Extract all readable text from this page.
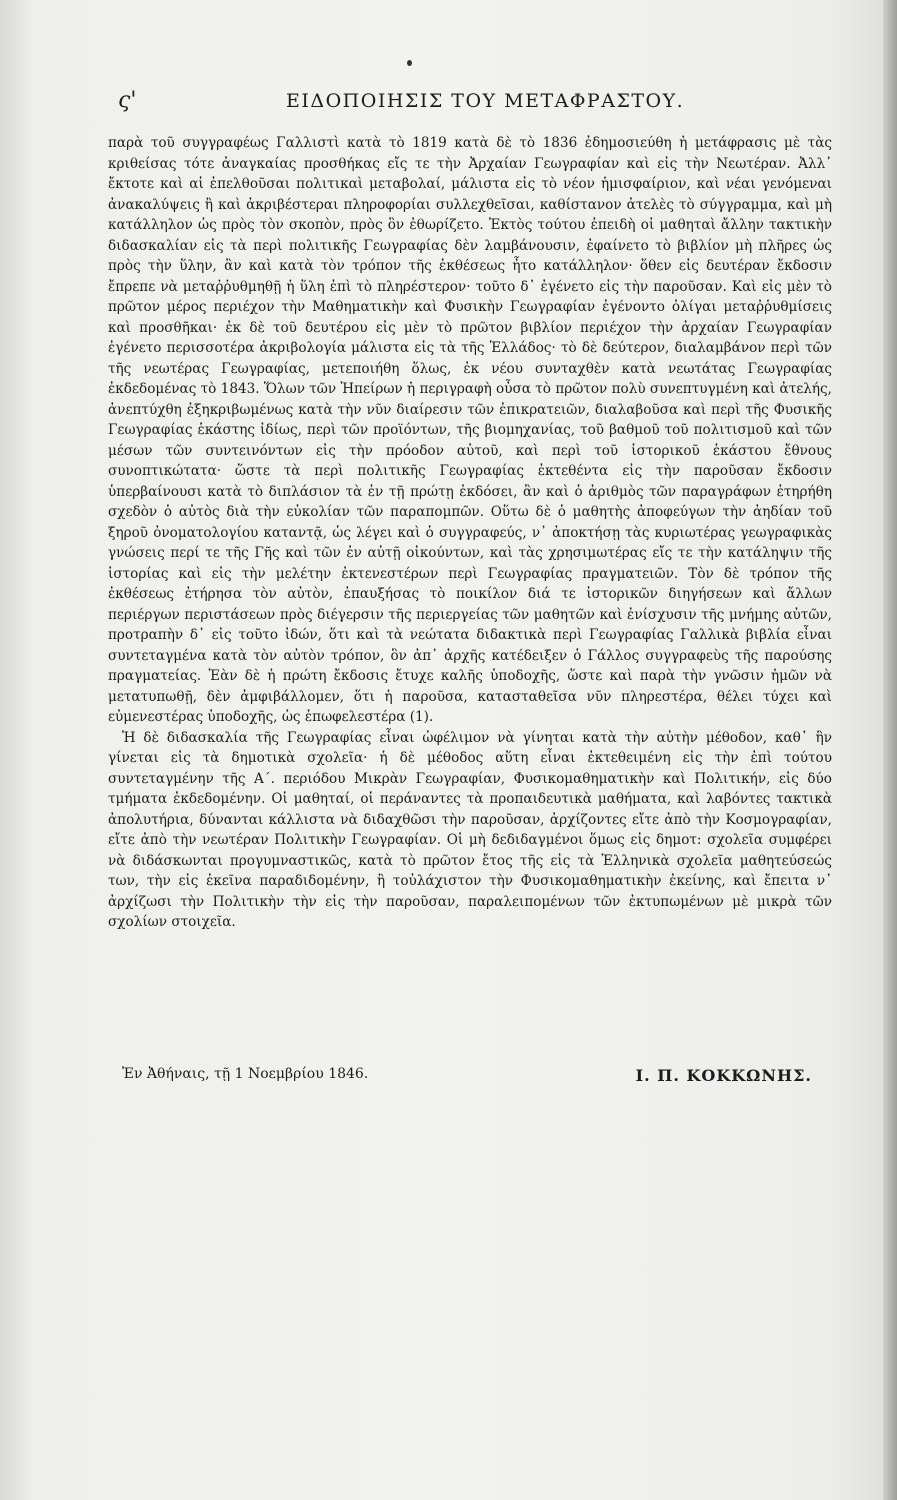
ς'	ΕΙΔΟΠΟΙΗΣΙΣ ΤΟΥ ΜΕΤΑΦΡΑΣΤΟΥ.

παρὰ τοῦ συγγραφέως Γαλλιστὶ κατὰ τὸ 1819 κατὰ δὲ τὸ 1836 ἐδημοσιεύθη ἡ μετάφρασις μὲ τὰς κριθείσας τότε ἀναγκαίας προσθήκας εἴς τε τὴν Ἀρχαίαν Γεωγραφίαν καὶ εἰς τὴν Νεωτέραν. Ἀλλ᾽ ἔκτοτε καὶ αἱ ἐπελθοῦσαι πολιτικαὶ μεταβολαί, μάλιστα εἰς τὸ νέον ἡμισφαίριον, καὶ νέαι γενόμεναι ἀνακαλύψεις ἢ καὶ ἀκριβέστεραι πληροφορίαι συλλεχθεῖσαι, καθίστανον ἀτελὲς τὸ σύγγραμμα, καὶ μὴ κατάλληλον ὡς πρὸς τὸν σκοπὸν, πρὸς ὃν ἐθωρίζετο. Ἐκτὸς τούτου ἐπειδὴ οἱ μαθηταὶ ἄλλην τακτικὴν διδασκαλίαν εἰς τὰ περὶ πολιτικῆς Γεωγραφίας δὲν λαμβάνουσιν, ἐφαίνετο τὸ βιβλίον μὴ πλῆρες ὡς πρὸς τὴν ὕλην, ἂν καὶ κατὰ τὸν τρόπον τῆς ἐκθέσεως ἦτο κατάλληλον· ὅθεν εἰς δευτέραν ἔκδοσιν ἔπρεπε νὰ μεταῤῥυθμηθῇ ἡ ὕλη ἐπὶ τὸ πληρέστερον· τοῦτο δ᾽ ἐγένετο εἰς τὴν παροῦσαν. Καὶ εἰς μὲν τὸ πρῶτον μέρος περιέχον τὴν Μαθηματικὴν καὶ Φυσικὴν Γεωγραφίαν ἐγένοντο ὀλίγαι μεταῤῥυθμίσεις καὶ προσθῆκαι· ἐκ δὲ τοῦ δευτέρου εἰς μὲν τὸ πρῶτον βιβλίον περιέχον τὴν ἀρχαίαν Γεωγραφίαν ἐγένετο περισσοτέρα ἀκριβολογία μάλιστα εἰς τὰ τῆς Ἑλλάδος· τὸ δὲ δεύτερον, διαλαμβάνον περὶ τῶν τῆς νεωτέρας Γεωγραφίας, μετεποιήθη ὅλως, ἐκ νέου συνταχθὲν κατὰ νεωτάτας Γεωγραφίας ἐκδεδομένας τὸ 1843. Ὅλων τῶν Ἠπείρων ἡ περιγραφὴ οὖσα τὸ πρῶτον πολὺ συνεπτυγμένη καὶ ἀτελής, ἀνεπτύχθη ἐξηκριβωμένως κατὰ τὴν νῦν διαίρεσιν τῶν ἐπικρατειῶν, διαλαβοῦσα καὶ περὶ τῆς Φυσικῆς Γεωγραφίας ἑκάστης ἰδίως, περὶ τῶν προϊόντων, τῆς βιομηχανίας, τοῦ βαθμοῦ τοῦ πολιτισμοῦ καὶ τῶν μέσων τῶν συντεινόντων εἰς τὴν πρόοδον αὐτοῦ, καὶ περὶ τοῦ ἱστορικοῦ ἑκάστου ἔθνους συνοπτικώτατα· ὥστε τὰ περὶ πολιτικῆς Γεωγραφίας ἐκτεθέντα εἰς τὴν παροῦσαν ἔκδοσιν ὑπερβαίνουσι κατὰ τὸ διπλάσιον τὰ ἐν τῇ πρώτῃ ἐκδόσει, ἂν καὶ ὁ ἀριθμὸς τῶν παραγράφων ἐτηρήθη σχεδὸν ὁ αὐτὸς διὰ τὴν εὐκολίαν τῶν παραπομπῶν. Οὕτω δὲ ὁ μαθητὴς ἀποφεύγων τὴν ἀηδίαν τοῦ ξηροῦ ὀνοματολογίου καταντᾷ, ὡς λέγει καὶ ὁ συγγραφεύς, ν᾽ ἀποκτήσῃ τὰς κυριωτέρας γεωγραφικὰς γνώσεις περί τε τῆς Γῆς καὶ τῶν ἐν αὐτῇ οἰκούντων, καὶ τὰς χρησιμωτέρας εἴς τε τὴν κατάληψιν τῆς ἱστορίας καὶ εἰς τὴν μελέτην ἐκτενεστέρων περὶ Γεωγραφίας πραγματειῶν. Τὸν δὲ τρόπον τῆς ἐκθέσεως ἐτήρησα τὸν αὐτὸν, ἐπαυξήσας τὸ ποικίλον διά τε ἱστορικῶν διηγήσεων καὶ ἄλλων περιέργων περιστάσεων πρὸς διέγερσιν τῆς περιεργείας τῶν μαθητῶν καὶ ἐνίσχυσιν τῆς μνήμης αὐτῶν, προτραπὴν δ᾽ εἰς τοῦτο ἰδών, ὅτι καὶ τὰ νεώτατα διδακτικὰ περὶ Γεωγραφίας Γαλλικὰ βιβλία εἶναι συντεταγμένα κατὰ τὸν αὐτὸν τρόπον, ὃν ἀπ᾽ ἀρχῆς κατέδειξεν ὁ Γάλλος συγγραφεὺς τῆς παρούσης πραγματείας. Ἐὰν δὲ ἡ πρώτη ἔκδοσις ἔτυχε καλῆς ὑποδοχῆς, ὥστε καὶ παρὰ τὴν γνῶσιν ἡμῶν νὰ μετατυπωθῇ, δὲν ἀμφιβάλλομεν, ὅτι ἡ παροῦσα, κατασταθεῖσα νῦν πληρεστέρα, θέλει τύχει καὶ εὐμενεστέρας ὑποδοχῆς, ὡς ἐπωφελεστέρα (1).

Ἡ δὲ διδασκαλία τῆς Γεωγραφίας εἶναι ὠφέλιμον νὰ γίνηται κατὰ τὴν αὐτὴν μέθοδον, καθ᾽ ἣν γίνεται εἰς τὰ δημοτικὰ σχολεῖα· ἡ δὲ μέθοδος αὕτη εἶναι ἐκτεθειμένη εἰς τὴν ἐπὶ τούτου συντεταγμένην τῆς Α΄. περιόδου Μικρὰν Γεωγραφίαν, Φυσικομαθηματικὴν καὶ Πολιτικήν, εἰς δύο τμήματα ἐκδεδομένην. Οἱ μαθηταί, οἱ περάναντες τὰ προπαιδευτικὰ μαθήματα, καὶ λαβόντες τακτικὰ ἀπολυτήρια, δύνανται κάλλιστα νὰ διδαχθῶσι τὴν παροῦσαν, ἀρχίζοντες εἴτε ἀπὸ τὴν Κοσμογραφίαν, εἴτε ἀπὸ τὴν νεωτέραν Πολιτικὴν Γεωγραφίαν. Οἱ μὴ δεδιδαγμένοι ὅμως εἰς δημοτ: σχολεῖα συμφέρει νὰ διδάσκωνται προγυμναστικῶς, κατὰ τὸ πρῶτον ἔτος τῆς εἰς τὰ Ἑλληνικὰ σχολεῖα μαθητεύσεώς των, τὴν εἰς ἐκεῖνα παραδιδομένην, ἢ τοὐλάχιστον τὴν Φυσικομαθηματικὴν ἐκείνης, καὶ ἔπειτα ν᾽ ἀρχίζωσι τὴν Πολιτικὴν τὴν εἰς τὴν παροῦσαν, παραλειπομένων τῶν ἐκτυπωμένων μὲ μικρὰ τῶν σχολίων στοιχεῖα.

Ἐν Ἀθήναις, τῇ 1 Νοεμβρίου 1846.	Ι. Π. ΚΟΚΚΩΝΗΣ.
